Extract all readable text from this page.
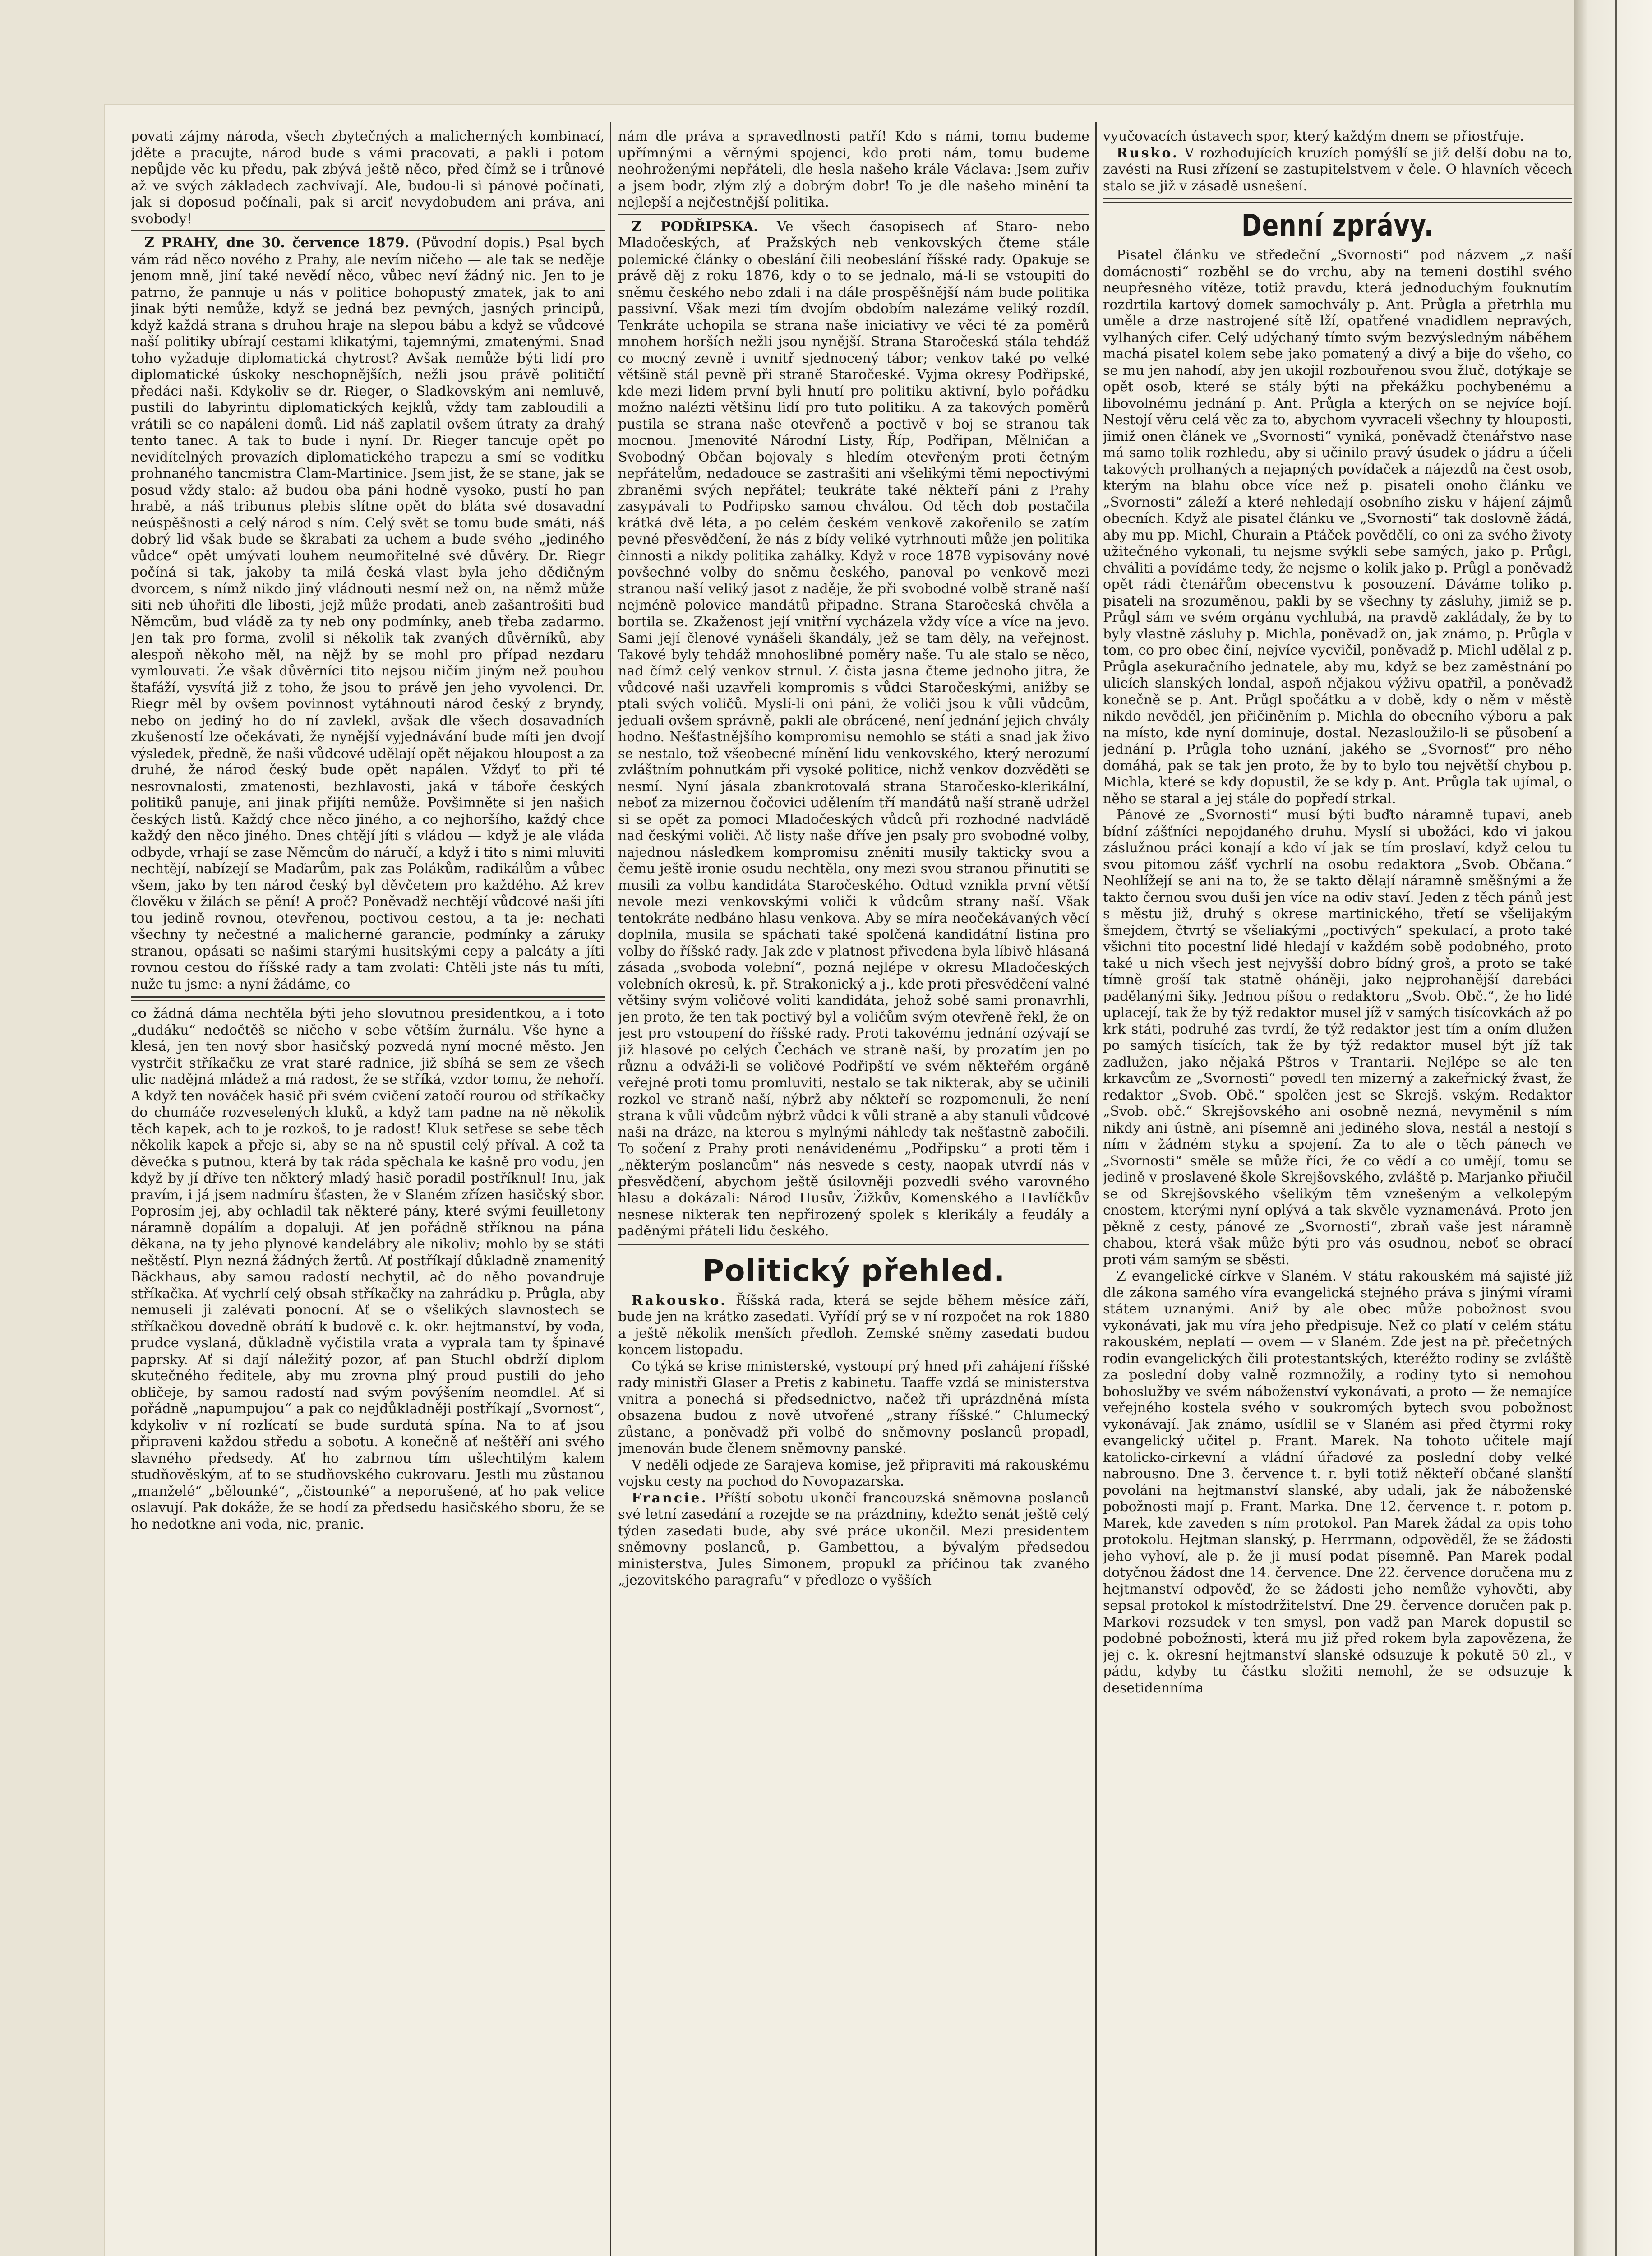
povati zájmy národa, všech zbytečných a malicherných kombinací, jděte a pracujte, národ bude s vámi pracovati, a pakli i potom nepůjde věc ku předu, pak zbývá ještě něco, před čímž se i trůnové až ve svých základech zachvívají. Ale, budou-li si pánové počínati, jak si doposud počínali, pak si arciť nevydobudem ani práva, ani svobody!

Z PRAHY, dne 30. července 1879. (Původní dopis.) Psal bych vám rád něco nového z Prahy, ale nevím ničeho — ale tak se neděje jenom mně, jiní také nevědí něco, vůbec neví žádný nic. Jen to je patrno, že pannuje u nás v politice bohopustý zmatek, jak to ani jinak býti nemůže, když se jedná bez pevných, jasných principů, když každá strana s druhou hraje na slepou bábu a když se vůdcové naší politiky ubírají cestami klikatými, tajemnými, zmatenými. Snad toho vyžaduje diplomatická chytrost? Avšak nemůže býti lidí pro diplomatické úskoky neschopnějších, nežli jsou právě političtí předáci naši. Kdykoliv se dr. Rieger, o Sladkovským ani nemluvě, pustili do labyrintu diplomatických kejklů, vždy tam zabloudili a vrátili se co napáleni domů. Lid náš zaplatil ovšem útraty za drahý tento tanec. A tak to bude i nyní. Dr. Rieger tancuje opět po nevidítelných provazích diplomatického trapezu a smí se vodítku prohnaného tancmistra Clam-Martinice. Jsem jist, že se stane, jak se posud vždy stalo: až budou oba páni hodně vysoko, pustí ho pan hrabě, a náš tribunus plebis slítne opět do bláta své dosavadní neúspěšnosti a celý národ s ním. Celý svět se tomu bude smáti, náš dobrý lid však bude se škrabati za uchem a bude svého „jediného vůdce“ opět umývati louhem neumořitelné své důvěry. Dr. Riegr počíná si tak, jakoby ta milá česká vlast byla jeho dědičným dvorcem, s nímž nikdo jiný vládnouti nesmí než on, na němž může siti neb úhořiti dle libosti, jejž může prodati, aneb zašantrošiti bud Němcům, bud vládě za ty neb ony podmínky, aneb třeba zadarmo. Jen tak pro forma, zvolil si několik tak zvaných důvěrníků, aby alespoň někoho měl, na nějž by se mohl pro případ nezdaru vymlouvati. Že však důvěrníci tito nejsou ničím jiným než pouhou štafáží, vysvítá již z toho, že jsou to právě jen jeho vyvolenci. Dr. Riegr měl by ovšem povinnost vytáhnouti národ český z bryndy, nebo on jediný ho do ní zavlekl, avšak dle všech dosavadních zkušeností lze očekávati, že nynější vyjednávání bude míti jen dvojí výsledek, předně, že naši vůdcové udělají opět nějakou hloupost a za druhé, že národ český bude opět napálen. Vždyť to při té nesrovnalosti, zmatenosti, bezhlavosti, jaká v táboře českých politiků panuje, ani jinak přijíti nemůže. Povšimněte si jen našich českých listů. Každý chce něco jiného, a co nejhoršího, každý chce každý den něco jiného. Dnes chtějí jíti s vládou — když je ale vláda odbyde, vrhají se zase Němcům do náručí, a když i tito s nimi mluviti nechtějí, nabízejí se Maďarům, pak zas Polákům, radikálům a vůbec všem, jako by ten národ český byl děvčetem pro každého. Až krev člověku v žilách se pění! A proč? Poněvadž nechtějí vůdcové naši jíti tou jedině rovnou, otevřenou, poctivou cestou, a ta je: nechati všechny ty nečestné a malicherné garancie, podmínky a záruky stranou, opásati se našimi starými husitskými cepy a palcáty a jíti rovnou cestou do říšské rady a tam zvolati: Chtěli jste nás tu míti, nuže tu jsme: a nyní žádáme, co

co žádná dáma nechtěla býti jeho slovutnou presidentkou, a i toto „dudáku“ nedočtěš se ničeho v sebe větším žurnálu. Vše hyne a klesá, jen ten nový sbor hasičský pozvedá nyní mocné město. Jen vystrčit stříkačku ze vrat staré radnice, již sbíhá se sem ze všech ulic nadějná mládež a má radost, že se stříká, vzdor tomu, že nehoří. A když ten nováček hasič při svém cvičení zatočí rourou od stříkačky do chumáče rozveselených kluků, a když tam padne na ně několik těch kapek, ach to je rozkoš, to je radost! Kluk setřese se sebe těch několik kapek a přeje si, aby se na ně spustil celý příval. A což ta děvečka s putnou, která by tak ráda spěchala ke kašně pro vodu, jen když by jí dříve ten některý mladý hasič poradil postříknul! Inu, jak pravím, i já jsem nadmíru šťasten, že v Slaném zřízen hasičský sbor. Poprosím jej, aby ochladil tak některé pány, které svými feuilletony náramně dopálím a dopaluji. Ať jen pořádně stříknou na pána děkana, na ty jeho plynové kandelábry ale nikoliv; mohlo by se státi neštěstí. Plyn nezná žádných žertů. Ať postříkají důkladně znamenitý Bäckhaus, aby samou radostí nechytil, ač do něho povandruje stříkačka. Ať vychrlí celý obsah stříkačky na zahrádku p. Průgla, aby nemuseli ji zalévati ponocní. Ať se o všelikých slavnostech se stříkačkou dovedně obrátí k budově c. k. okr. hejtmanství, by voda, prudce vyslaná, důkladně vyčistila vrata a vyprala tam ty špinavé paprsky. Ať si dají náležitý pozor, ať pan Stuchl obdrží diplom skutečného ředitele, aby mu zrovna plný proud pustili do jeho obličeje, by samou radostí nad svým povýšením neomdlel. Ať si pořádně „napumpujou“ a pak co nejdůkladněji postříkají „Svornost“, kdykoliv v ní rozlícatí se bude surdutá spína. Na to ať jsou připraveni každou středu a sobotu. A konečně ať neštěří ani svého slavného předsedy. Ať ho zabrnou tím ušlechtilým kalem studňověským, ať to se studňovského cukrovaru. Jestli mu zůstanou „manželé“ „bělounké“, „čistounké“ a neporušené, ať ho pak velice oslavují. Pak dokáže, že se hodí za předsedu hasičského sboru, že se ho nedotkne ani voda, nic, pranic.

nám dle práva a spravedlnosti patří! Kdo s námi, tomu budeme upřímnými a věrnými spojenci, kdo proti nám, tomu budeme neohroženými nepřáteli, dle hesla našeho krále Václava: Jsem zuřiv a jsem bodr, zlým zlý a dobrým dobr! To je dle našeho mínění ta nejlepší a nejčestnější politika.

Z PODŘIPSKA. Ve všech časopisech ať Staro- nebo Mladočeských, ať Pražských neb venkovských čteme stále polemické články o obeslání čili neobeslání říšské rady. Opakuje se právě děj z roku 1876, kdy o to se jednalo, má-li se vstoupiti do sněmu českého nebo zdali i na dále prospěšnější nám bude politika passivní. Však mezi tím dvojím obdobím nalezáme veliký rozdíl. Tenkráte uchopila se strana naše iniciativy ve věci té za poměrů mnohem horších nežli jsou nynější. Strana Staročeská stála tehdáž co mocný zevně i uvnitř sjednocený tábor; venkov také po velké většině stál pevně při straně Staročeské. Vyjma okresy Podřipské, kde mezi lidem první byli hnutí pro politiku aktivní, bylo pořádku možno nalézti většinu lidí pro tuto politiku. A za takových poměrů pustila se strana naše otevřeně a poctivě v boj se stranou tak mocnou. Jmenovité Národní Listy, Říp, Podřipan, Mělničan a Svobodný Občan bojovaly s hledím otevřeným proti četným nepřátelům, nedadouce se zastrašiti ani všelikými těmi nepoctivými zbraněmi svých nepřátel; teukráte také někteří páni z Prahy zasypávali to Podřipsko samou chválou. Od těch dob postačila krátká dvě léta, a po celém českém venkově zakořenilo se zatím pevné přesvědčení, že nás z bídy veliké vytrhnouti může jen politika činnosti a nikdy politika zahálky. Když v roce 1878 vypisovány nové povšechné volby do sněmu českého, panoval po venkově mezi stranou naší veliký jasot z naděje, že při svobodné volbě straně naší nejméně polovice mandátů připadne. Strana Staročeská chvěla a bortila se. Zkaženost její vnitřní vycházela vždy více a více na jevo. Sami její členové vynášeli škandály, jež se tam děly, na veřejnost. Takové byly tehdáž mnohoslibné poměry naše. Tu ale stalo se něco, nad čímž celý venkov strnul. Z čista jasna čteme jednoho jitra, že vůdcové naši uzavřeli kompromis s vůdci Staročeskými, anižby se ptali svých voličů. Myslí-li oni páni, že voliči jsou k vůli vůdcům, jeduali ovšem správně, pakli ale obrácené, není jednání jejich chvály hodno. Nešťastnějšího kompromisu nemohlo se státi a snad jak živo se nestalo, tož všeobecné mínění lidu venkovského, který nerozumí zvláštním pohnutkám při vysoké politice, nichž venkov dozvěděti se nesmí. Nyní jásala zbankrotovalá strana Staročesko-klerikální, neboť za mizernou čočovici udělením tří mandátů naší straně udržel si se opět za pomoci Mladočeských vůdců při rozhodné nadvládě nad českými voliči. Ač listy naše dříve jen psaly pro svobodné volby, najednou následkem kompromisu zněniti musily takticky svou a čemu ještě ironie osudu nechtěla, ony mezi svou stranou přinutiti se musili za volbu kandidáta Staročeského. Odtud vznikla první větší nevole mezi venkovskými voliči k vůdcům strany naší. Však tentokráte nedbáno hlasu venkova. Aby se míra neočekávaných věcí doplnila, musila se spáchati také spolčená kandidátní listina pro volby do říšské rady. Jak zde v platnost přivedena byla líbivě hlásaná zásada „svoboda volební“, pozná nejlépe v okresu Mladočeských volebních okresů, k. př. Strakonický a j., kde proti přesvědčení valné většiny svým voličové voliti kandidáta, jehož sobě sami pronavrhli, jen proto, že ten tak poctivý byl a voličům svým otevřeně řekl, že on jest pro vstoupení do říšské rady. Proti takovému jednání ozývají se již hlasové po celých Čechách ve straně naší, by prozatím jen po různu a odváži-li se voličové Podřipští ve svém někteřém orgáně veřejné proti tomu promluviti, nestalo se tak nikterak, aby se učinili rozkol ve straně naší, nýbrž aby někteří se rozpomenuli, že není strana k vůli vůdcům nýbrž vůdci k vůli straně a aby stanuli vůdcové naši na dráze, na kterou s mylnými náhledy tak nešťastně zabočili. To sočení z Prahy proti nenávidenému „Podřipsku“ a proti těm i „některým poslancům“ nás nesvede s cesty, naopak utvrdí nás v přesvědčení, abychom ještě úsilovněji pozvedli svého varovného hlasu a dokázali: Národ Husův, Žižkův, Komenského a Havlíčkův nesnese nikterak ten nepřirozený spolek s klerikály a feudály a paděnými přáteli lidu českého.

Politický přehled.

Rakousko. Říšská rada, která se sejde během měsíce září, bude jen na krátko zasedati. Vyřídí prý se v ní rozpočet na rok 1880 a ještě několik menších předloh. Zemské sněmy zasedati budou koncem listopadu.

Co týká se krise ministerské, vystoupí prý hned při zahájení říšské rady ministři Glaser a Pretis z kabinetu. Taaffe vzdá se ministerstva vnitra a ponechá si předsednictvo, načež tři uprázdněná místa obsazena budou z nově utvořené „strany říšské.“ Chlumecký zůstane, a poněvadž při volbě do sněmovny poslanců propadl, jmenován bude členem sněmovny panské.

V neděli odjede ze Sarajeva komise, jež připraviti má rakouskému vojsku cesty na pochod do Novopazarska.

Francie. Příští sobotu ukončí francouzská sněmovna poslanců své letní zasedání a rozejde se na prázdniny, kdežto senát ještě celý týden zasedati bude, aby své práce ukončil. Mezi presidentem sněmovny poslanců, p. Gambettou, a bývalým předsedou ministerstva, Jules Simonem, propukl za příčinou tak zvaného „jezovitského paragrafu“ v předloze o vyšších

vyučovacích ústavech spor, který každým dnem se přiostřuje.

Rusko. V rozhodujících kruzích pomýšlí se již delší dobu na to, zavésti na Rusi zřízení se zastupitelstvem v čele. O hlavních věcech stalo se již v zásadě usnešení.

Denní zprávy.

Pisatel článku ve středeční „Svornosti“ pod názvem „z naší domácnosti“ rozběhl se do vrchu, aby na temeni dostihl svého neupřesného vítěze, totiž pravdu, která jednoduchým fouknutím rozdrtila kartový domek samochvály p. Ant. Průgla a přetrhla mu uměle a drze nastrojené sítě lží, opatřené vnadidlem nepravých, vylhaných cifer. Celý udýchaný tímto svým bezvýsledným náběhem machá pisatel kolem sebe jako pomatený a divý a bije do všeho, co se mu jen nahodí, aby jen ukojil rozbouřenou svou žluč, dotýkaje se opět osob, které se stály býti na překážku pochybenému a libovolnému jednání p. Ant. Průgla a kterých on se nejvíce bojí. Nestojí věru celá věc za to, abychom vyvraceli všechny ty hlouposti, jimiž onen článek ve „Svornosti“ vyniká, poněvadž čtenářstvo nase má samo tolik rozhledu, aby si učinilo pravý úsudek o jádru a účeli takových prolhaných a nejapných povídaček a nájezdů na čest osob, kterým na blahu obce více než p. pisateli onoho článku ve „Svornosti“ záleží a které nehledají osobního zisku v hájení zájmů obecních. Když ale pisatel článku ve „Svornosti“ tak doslovně žádá, aby mu pp. Michl, Churain a Ptáček povědělí, co oni za svého životy užitečného vykonali, tu nejsme svýkli sebe samých, jako p. Průgl, chváliti a povídáme tedy, že nejsme o kolik jako p. Průgl a poněvadž opět rádi čtenářům obecenstvu k posouzení. Dáváme toliko p. pisateli na srozuměnou, pakli by se všechny ty zásluhy, jimiž se p. Průgl sám ve svém orgánu vychlubá, na pravdě zakládaly, že by to byly vlastně zásluhy p. Michla, poněvadž on, jak známo, p. Průgla v tom, co pro obec činí, nejvíce vycvičil, poněvadž p. Michl udělal z p. Průgla asekuračního jednatele, aby mu, když se bez zaměstnání po ulicích slanských londal, aspoň nějakou výživu opatřil, a poněvadž konečně se p. Ant. Průgl spočátku a v době, kdy o něm v městě nikdo nevěděl, jen přičiněním p. Michla do obecního výboru a pak na místo, kde nyní dominuje, dostal. Nezasloužilo-li se působení a jednání p. Průgla toho uznání, jakého se „Svornosť“ pro něho domáhá, pak se tak jen proto, že by to bylo tou největší chybou p. Michla, které se kdy dopustil, že se kdy p. Ant. Průgla tak ujímal, o něho se staral a jej stále do popředí strkal.

Pánové ze „Svornosti“ musí býti buďto náramně tupaví, aneb bídní zášťníci nepojdaného druhu. Myslí si ubožáci, kdo vi jakou záslužnou práci konají a kdo ví jak se tím proslaví, když celou tu svou pitomou zášť vychrlí na osobu redaktora „Svob. Občana.“ Neohlížejí se ani na to, že se takto dělají náramně směšnými a že takto černou svou duši jen více na odiv staví. Jeden z těch pánů jest s městu již, druhý s okrese martinického, třetí se všelijakým šmejdem, čtvrtý se všeliakými „poctivých“ spekulací, a proto také všichni tito pocestní lidé hledají v každém sobě podobného, proto také u nich všech jest nejvyšší dobro bídný groš, a proto se také tímně groší tak statně oháněji, jako nejprohanější darebáci padělanými šiky. Jednou píšou o redaktoru „Svob. Obč.“, že ho lidé uplacejí, tak že by týž redaktor musel jíž v samých tisícovkách až po krk státi, podruhé zas tvrdí, že týž redaktor jest tím a oním dlužen po samých tisících, tak že by týž redaktor musel být jíž tak zadlužen, jako nějaká Pštros v Trantarii. Nejlépe se ale ten krkavcům ze „Svornosti“ povedl ten mizerný a zakeřnický žvast, že redaktor „Svob. Obč.“ spolčen jest se Skrejš. vským. Redaktor „Svob. obč.“ Skrejšovského ani osobně nezná, nevyměnil s ním nikdy ani ústně, ani písemně ani jediného slova, nestál a nestojí s ním v žádném styku a spojení. Za to ale o těch pánech ve „Svornosti“ směle se může říci, že co vědí a co umějí, tomu se jedině v proslavené škole Skrejšovského, zvláště p. Marjanko přiučil se od Skrejšovského všelikým těm vznešeným a velkolepým cnostem, kterými nyní oplývá a tak skvěle vyznamenává. Proto jen pěkně z cesty, pánové ze „Svornosti“, zbraň vaše jest náramně chabou, která však může býti pro vás osudnou, neboť se obrací proti vám samým se sběsti.

Z evangelické církve v Slaném. V státu rakouském má sajisté jíž dle zákona samého víra evangelická stejného práva s jinými vírami státem uznanými. Aniž by ale obec může pobožnost svou vykonávati, jak mu víra jeho předpisuje. Než co platí v celém státu rakouském, neplatí — ovem — v Slaném. Zde jest na př. přečetných rodin evangelických čili protestantských, kteréžto rodiny se zvláště za poslední doby valně rozmnožily, a rodiny tyto si nemohou bohoslužby ve svém náboženství vykonávati, a proto — že nemajíce veřejného kostela svého v soukromých bytech svou pobožnost vykonávají. Jak známo, usídlil se v Slaném asi před čtyrmi roky evangelický učitel p. Frant. Marek. Na tohoto učitele mají katolicko-cirkevní a vládní úřadové za poslední doby velké nabrousno. Dne 3. července t. r. byli totiž někteří občané slanští povoláni na hejtmanství slanské, aby udali, jak že náboženské pobožnosti mají p. Frant. Marka. Dne 12. července t. r. potom p. Marek, kde zaveden s ním protokol. Pan Marek žádal za opis toho protokolu. Hejtman slanský, p. Herrmann, odpověděl, že se žádosti jeho vyhoví, ale p. že ji musí podat písemně. Pan Marek podal dotyčnou žádost dne 14. července. Dne 22. července doručena mu z hejtmanství odpověď, že se žádosti jeho nemůže vyhověti, aby sepsal protokol k místodržitelství. Dne 29. července doručen pak p. Markovi rozsudek v ten smysl, pon vadž pan Marek dopustil se podobné pobožnosti, která mu již před rokem byla zapovězena, že jej c. k. okresní hejtmanství slanské odsuzuje k pokutě 50 zl., v pádu, kdyby tu částku složiti nemohl, že se odsuzuje k desetidenníma
